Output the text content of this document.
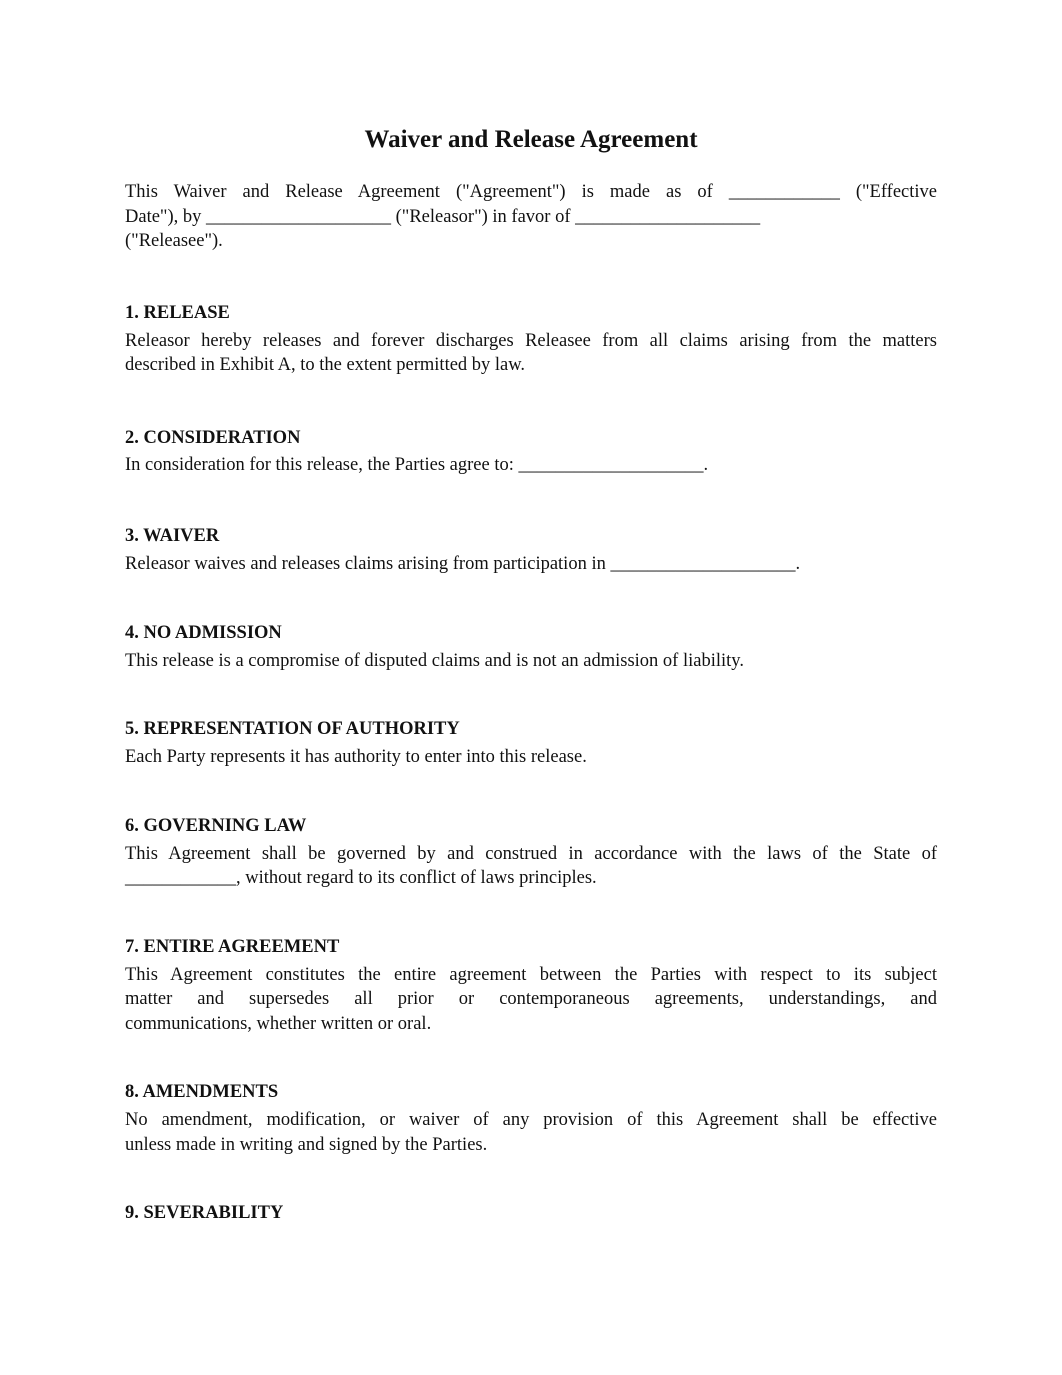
Waiver and Release Agreement

This Waiver and Release Agreement ("Agreement") is made as of ____________ ("Effective
Date"), by ____________________ ("Releasor") in favor of ____________________
("Releasee").

1. RELEASE

Releasor hereby releases and forever discharges Releasee from all claims arising from the matters
described in Exhibit A, to the extent permitted by law.

2. CONSIDERATION

In consideration for this release, the Parties agree to: ____________________.

3. WAIVER

Releasor waives and releases claims arising from participation in ____________________.

4. NO ADMISSION

This release is a compromise of disputed claims and is not an admission of liability.

5. REPRESENTATION OF AUTHORITY

Each Party represents it has authority to enter into this release.

6. GOVERNING LAW

This Agreement shall be governed by and construed in accordance with the laws of the State of
____________, without regard to its conflict of laws principles.

7. ENTIRE AGREEMENT

This Agreement constitutes the entire agreement between the Parties with respect to its subject
matter and supersedes all prior or contemporaneous agreements, understandings, and
communications, whether written or oral.

8. AMENDMENTS

No amendment, modification, or waiver of any provision of this Agreement shall be effective
unless made in writing and signed by the Parties.

9. SEVERABILITY
